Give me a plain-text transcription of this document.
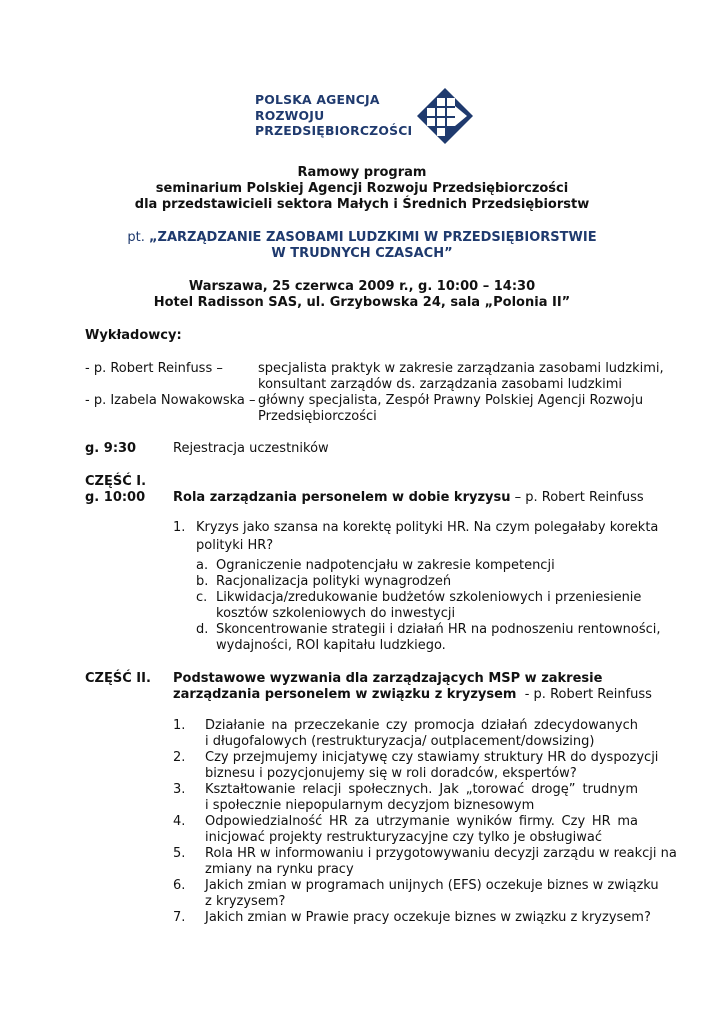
POLSKA AGENCJA
ROZWOJU
PRZEDSIĘBIORCZOŚCI
Ramowy program
seminarium Polskiej Agencji Rozwoju Przedsiębiorczości
dla przedstawicieli sektora Małych i Średnich Przedsiębiorstw
pt. „ZARZĄDZANIE ZASOBAMI LUDZKIMI W PRZEDSIĘBIORSTWIE
W TRUDNYCH CZASACH”
Warszawa, 25 czerwca 2009 r., g. 10:00 – 14:30
Hotel Radisson SAS, ul. Grzybowska 24, sala „Polonia II”
Wykładowcy:
- p. Robert Reinfuss –	specjalista praktyk w zakresie zarządzania zasobami ludzkimi,
konsultant zarządów ds. zarządzania zasobami ludzkimi
- p. Izabela Nowakowska – główny specjalista, Zespół Prawny Polskiej Agencji Rozwoju
Przedsiębiorczości
g. 9:30	Rejestracja uczestników
CZĘŚĆ I.
g. 10:00 Rola zarządzania personelem w dobie kryzysu – p. Robert Reinfuss
1. Kryzys jako szansa na korektę polityki HR. Na czym polegałaby korekta
polityki HR?
a. Ograniczenie nadpotencjału w zakresie kompetencji
b. Racjonalizacja polityki wynagrodzeń
c. Likwidacja/zredukowanie budżetów szkoleniowych i przeniesienie
kosztów szkoleniowych do inwestycji
d. Skoncentrowanie strategii i działań HR na podnoszeniu rentowności,
wydajności, ROI kapitału ludzkiego.
CZĘŚĆ II. Podstawowe wyzwania dla zarządzających MSP w zakresie
zarządzania personelem w związku z kryzysem  - p. Robert Reinfuss
1. Działanie na przeczekanie czy promocja działań zdecydowanych
i długofalowych (restrukturyzacja/ outplacement/dowsizing)
2. Czy przejmujemy inicjatywę czy stawiamy struktury HR do dyspozycji
biznesu i pozycjonujemy się w roli doradców, ekspertów?
3. Kształtowanie relacji społecznych. Jak „torować drogę” trudnym
i społecznie niepopularnym decyzjom biznesowym
4. Odpowiedzialność HR za utrzymanie wyników firmy. Czy HR ma
inicjować projekty restrukturyzacyjne czy tylko je obsługiwać
5. Rola HR w informowaniu i przygotowywaniu decyzji zarządu w reakcji na
zmiany na rynku pracy
6. Jakich zmian w programach unijnych (EFS) oczekuje biznes w związku
z kryzysem?
7. Jakich zmian w Prawie pracy oczekuje biznes w związku z kryzysem?
